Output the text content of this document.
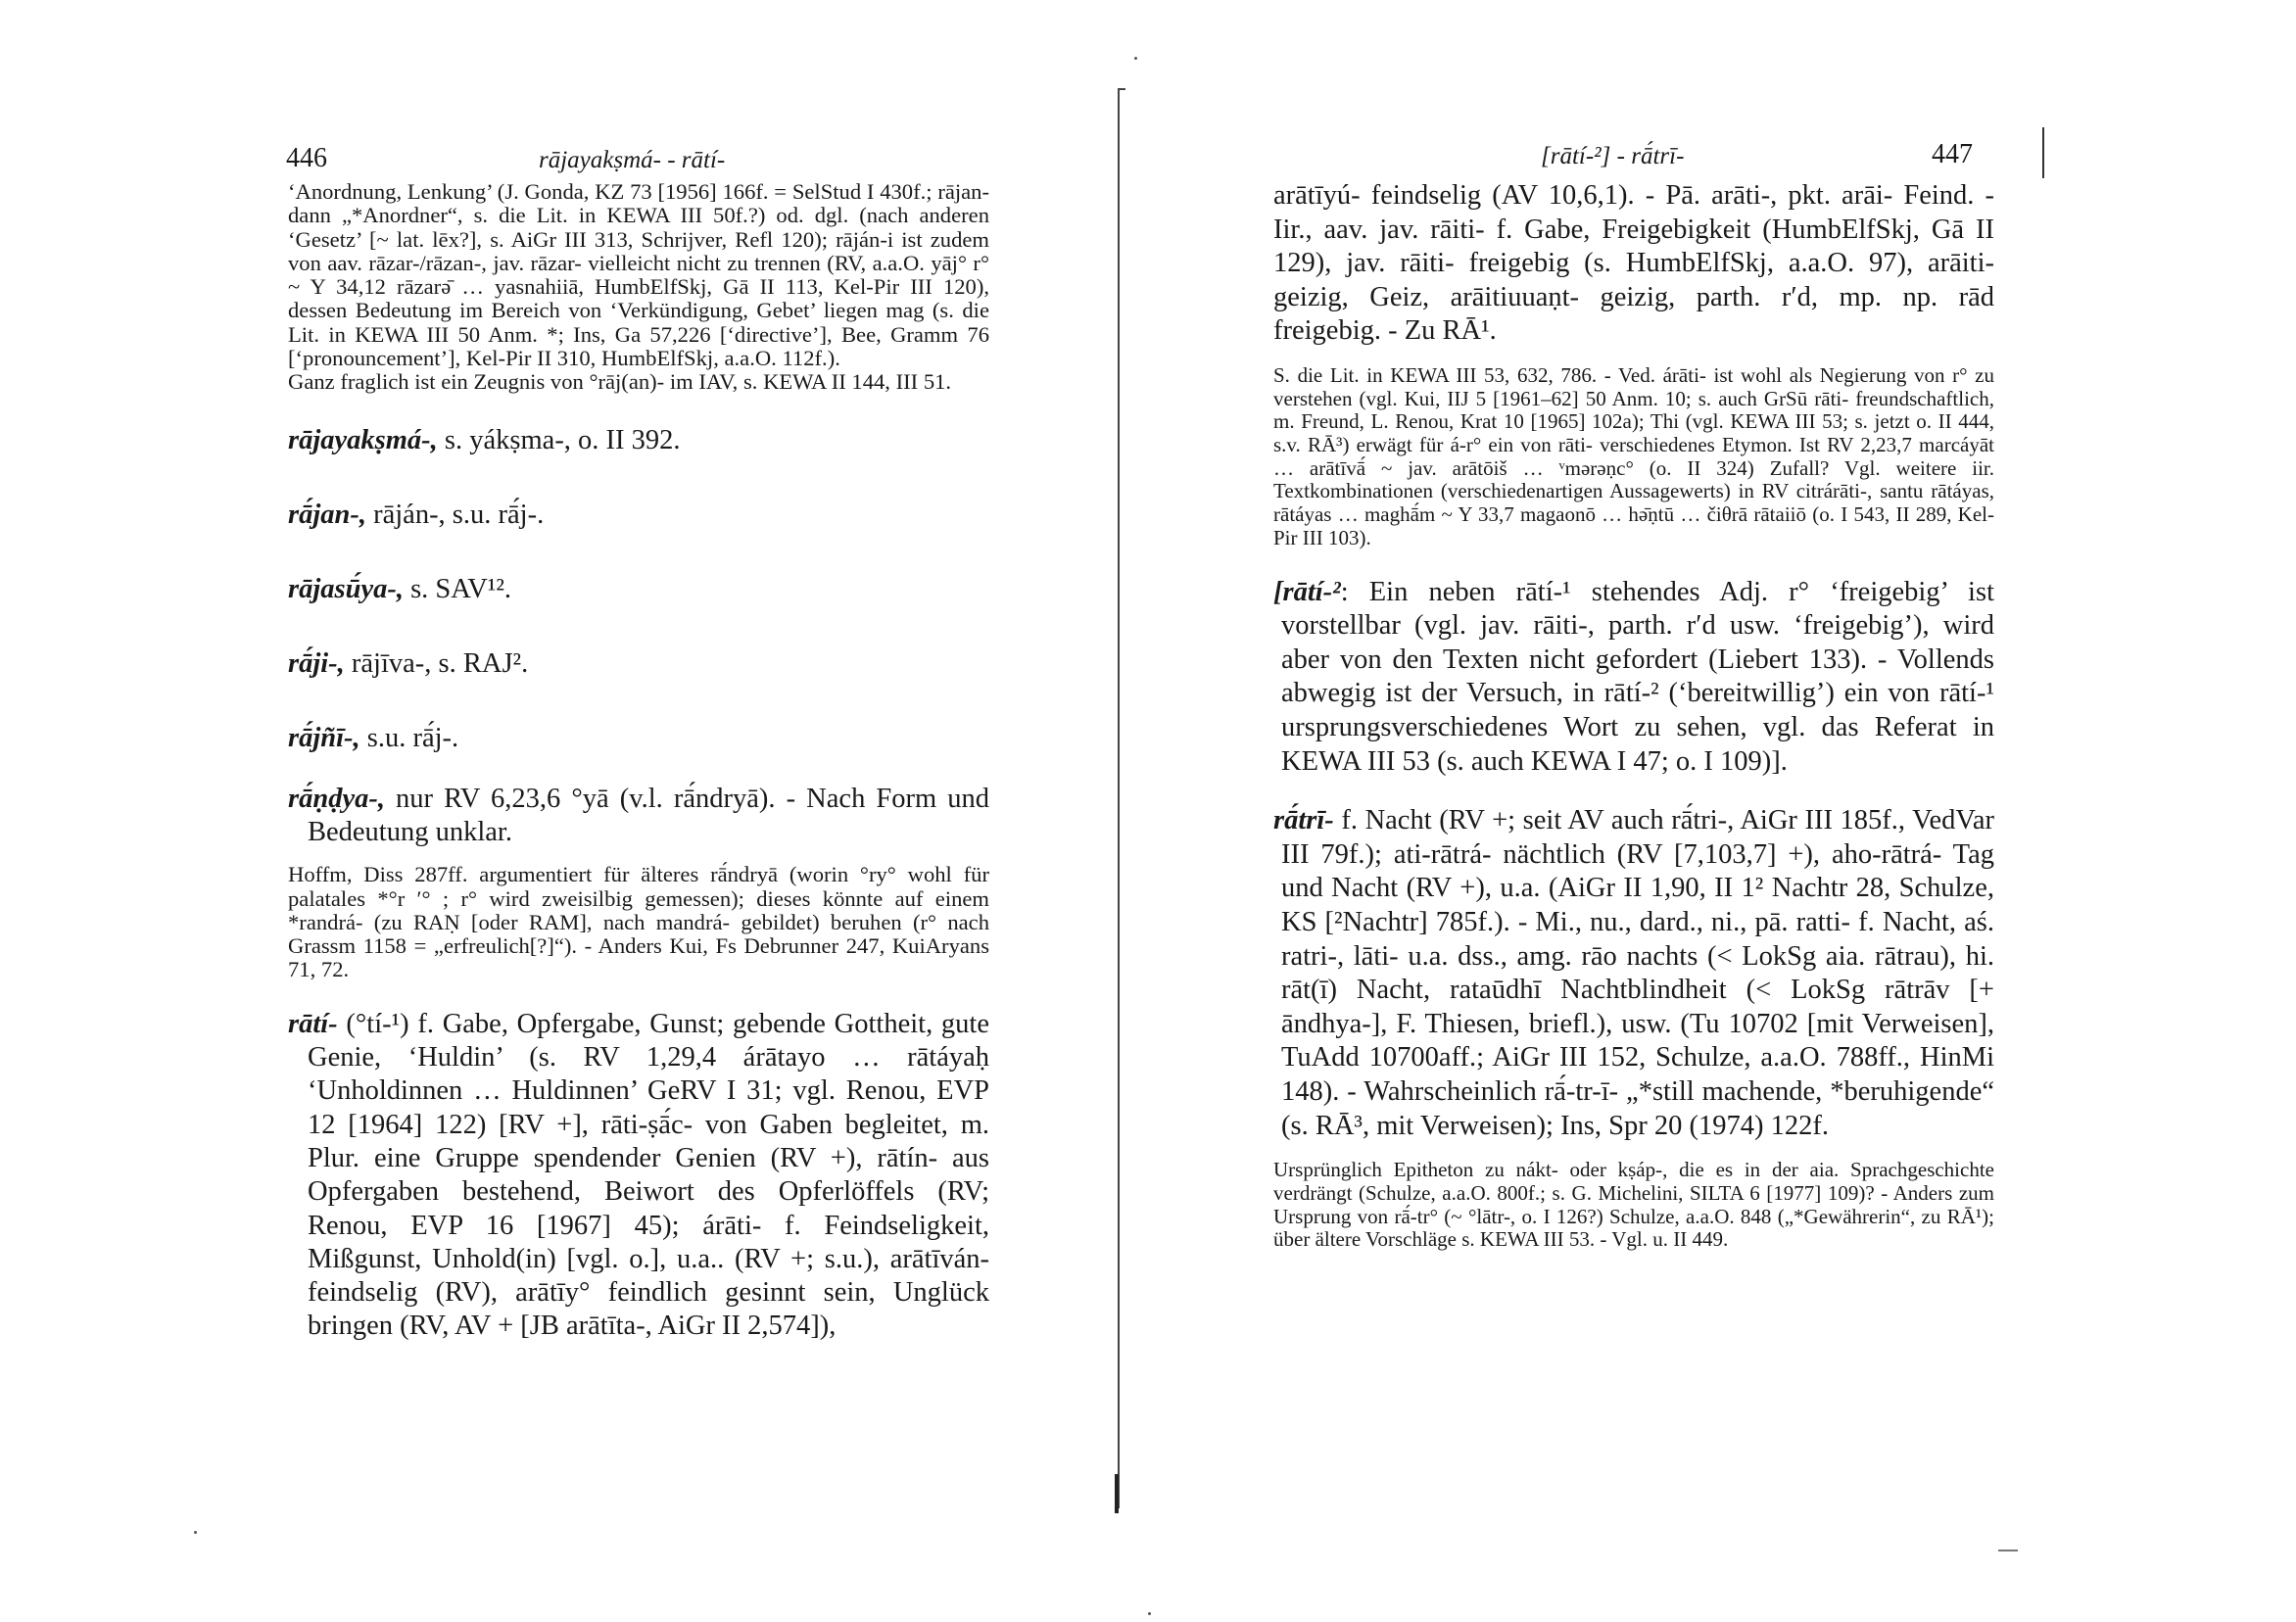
446	rājayakṣmá- - rātí-

‘Anordnung, Lenkung’ (J. Gonda, KZ 73 [1956] 166f. = SelStud I 430f.; rājan- dann „*Anordner“, s. die Lit. in KEWA III 50f.?) od. dgl. (nach anderen ‘Gesetz’ [~ lat. lēx?], s. AiGr III 313, Schrijver, Refl 120); rāján-i ist zudem von aav. rāzar-/rāzan-, jav. rāzar- vielleicht nicht zu trennen (RV, a.a.O. yāj° r° ~ Y 34,12 rāzarə̄ … yasnahiiā, HumbElfSkj, Gā II 113, Kel-Pir III 120), dessen Bedeutung im Bereich von ‘Verkündigung, Gebet’ liegen mag (s. die Lit. in KEWA III 50 Anm. *; Ins, Ga 57,226 [‘directive’], Bee, Gramm 76 [‘pronouncement’], Kel-Pir II 310, HumbElfSkj, a.a.O. 112f.).

Ganz fraglich ist ein Zeugnis von °rāj(an)- im IAV, s. KEWA II 144, III 51.

rājayakṣmá-, s. yákṣma-, o. II 392.

rā́jan-, rāján-, s.u. rā́j-.

rājasū́ya-, s. SAV¹².

rā́ji-, rājīva-, s. RAJ².

rā́jñī-, s.u. rā́j-.

rā́ṇḍya-, nur RV 6,23,6 °yā (v.l. rā́ndryā). - Nach Form und Bedeutung unklar.

Hoffm, Diss 287ff. argumentiert für älteres rā́ndryā (worin °ry° wohl für palatales *°r ′° ; r° wird zweisilbig gemessen); dieses könnte auf einem *randrá- (zu RAṆ [oder RAM], nach mandrá- gebildet) beruhen (r° nach Grassm 1158 = „erfreulich[?]“). - Anders Kui, Fs Debrunner 247, KuiAryans 71, 72.

rātí- (°tí-¹) f. Gabe, Opfergabe, Gunst; gebende Gottheit, gute Genie, ‘Huldin’ (s. RV 1,29,4 árātayo … rātáyaḥ ‘Unholdinnen … Huldinnen’ GeRV I 31; vgl. Renou, EVP 12 [1964] 122) [RV +], rāti-ṣā́c- von Gaben begleitet, m. Plur. eine Gruppe spendender Genien (RV +), rātín- aus Opfergaben bestehend, Beiwort des Opferlöffels (RV; Renou, EVP 16 [1967] 45); árāti- f. Feindseligkeit, Mißgunst, Unhold(in) [vgl. o.], u.a.. (RV +; s.u.), arātīván- feindselig (RV), arātīy° feindlich gesinnt sein, Unglück bringen (RV, AV + [JB arātīta-, AiGr II 2,574]),

[rātí-²] - rā́trī-	447

arātīyú- feindselig (AV 10,6,1). - Pā. arāti-, pkt. arāi- Feind. - Iir., aav. jav. rāiti- f. Gabe, Freigebigkeit (HumbElfSkj, Gā II 129), jav. rāiti- freigebig (s. HumbElfSkj, a.a.O. 97), arāiti- geizig, Geiz, arāitiuuaṇt- geizig, parth. r′d, mp. np. rād freigebig. - Zu RĀ¹.

S. die Lit. in KEWA III 53, 632, 786. - Ved. árāti- ist wohl als Negierung von r° zu verstehen (vgl. Kui, IIJ 5 [1961–62] 50 Anm. 10; s. auch GrSū rāti- freundschaftlich, m. Freund, L. Renou, Krat 10 [1965] 102a); Thi (vgl. KEWA III 53; s. jetzt o. II 444, s.v. RĀ³) erwägt für á-r° ein von rāti- verschiedenes Etymon. Ist RV 2,23,7 marcáyāt … arātīvā́ ~ jav. arātōiš … ᵛmərəṇc° (o. II 324) Zufall? Vgl. weitere iir. Textkombinationen (verschiedenartigen Aussagewerts) in RV citrárāti-, santu rātáyas, rātáyas … maghā́m ~ Y 33,7 magaonō … hə̄ṇtū … čiθrā rātaiiō (o. I 543, II 289, Kel-Pir III 103).

[rātí-²: Ein neben rātí-¹ stehendes Adj. r° ‘freigebig’ ist vorstellbar (vgl. jav. rāiti-, parth. r′d usw. ‘freigebig’), wird aber von den Texten nicht gefordert (Liebert 133). - Vollends abwegig ist der Versuch, in rātí-² (‘bereitwillig’) ein von rātí-¹ ursprungsverschiedenes Wort zu sehen, vgl. das Referat in KEWA III 53 (s. auch KEWA I 47; o. I 109)].

rā́trī- f. Nacht (RV +; seit AV auch rā́tri-, AiGr III 185f., VedVar III 79f.); ati-rātrá- nächtlich (RV [7,103,7] +), aho-rātrá- Tag und Nacht (RV +), u.a. (AiGr II 1,90, II 1² Nachtr 28, Schulze, KS [²Nachtr] 785f.). - Mi., nu., dard., ni., pā. ratti- f. Nacht, aś. ratri-, lāti- u.a. dss., amg. rāo nachts (< LokSg aia. rātrau), hi. rāt(ī) Nacht, rataūdhī Nachtblindheit (< LokSg rātrāv [+ āndhya-], F. Thiesen, briefl.), usw. (Tu 10702 [mit Verweisen], TuAdd 10700aff.; AiGr III 152, Schulze, a.a.O. 788ff., HinMi 148). - Wahrscheinlich rā́-tr-ī- „*still machende, *beruhigende“ (s. RĀ³, mit Verweisen); Ins, Spr 20 (1974) 122f.

Ursprünglich Epitheton zu nákt- oder kṣáp-, die es in der aia. Sprachgeschichte verdrängt (Schulze, a.a.O. 800f.; s. G. Michelini, SILTA 6 [1977] 109)? - Anders zum Ursprung von rā́-tr° (~ °lātr-, o. I 126?) Schulze, a.a.O. 848 („*Gewährerin“, zu RĀ¹); über ältere Vorschläge s. KEWA III 53. - Vgl. u. II 449.
